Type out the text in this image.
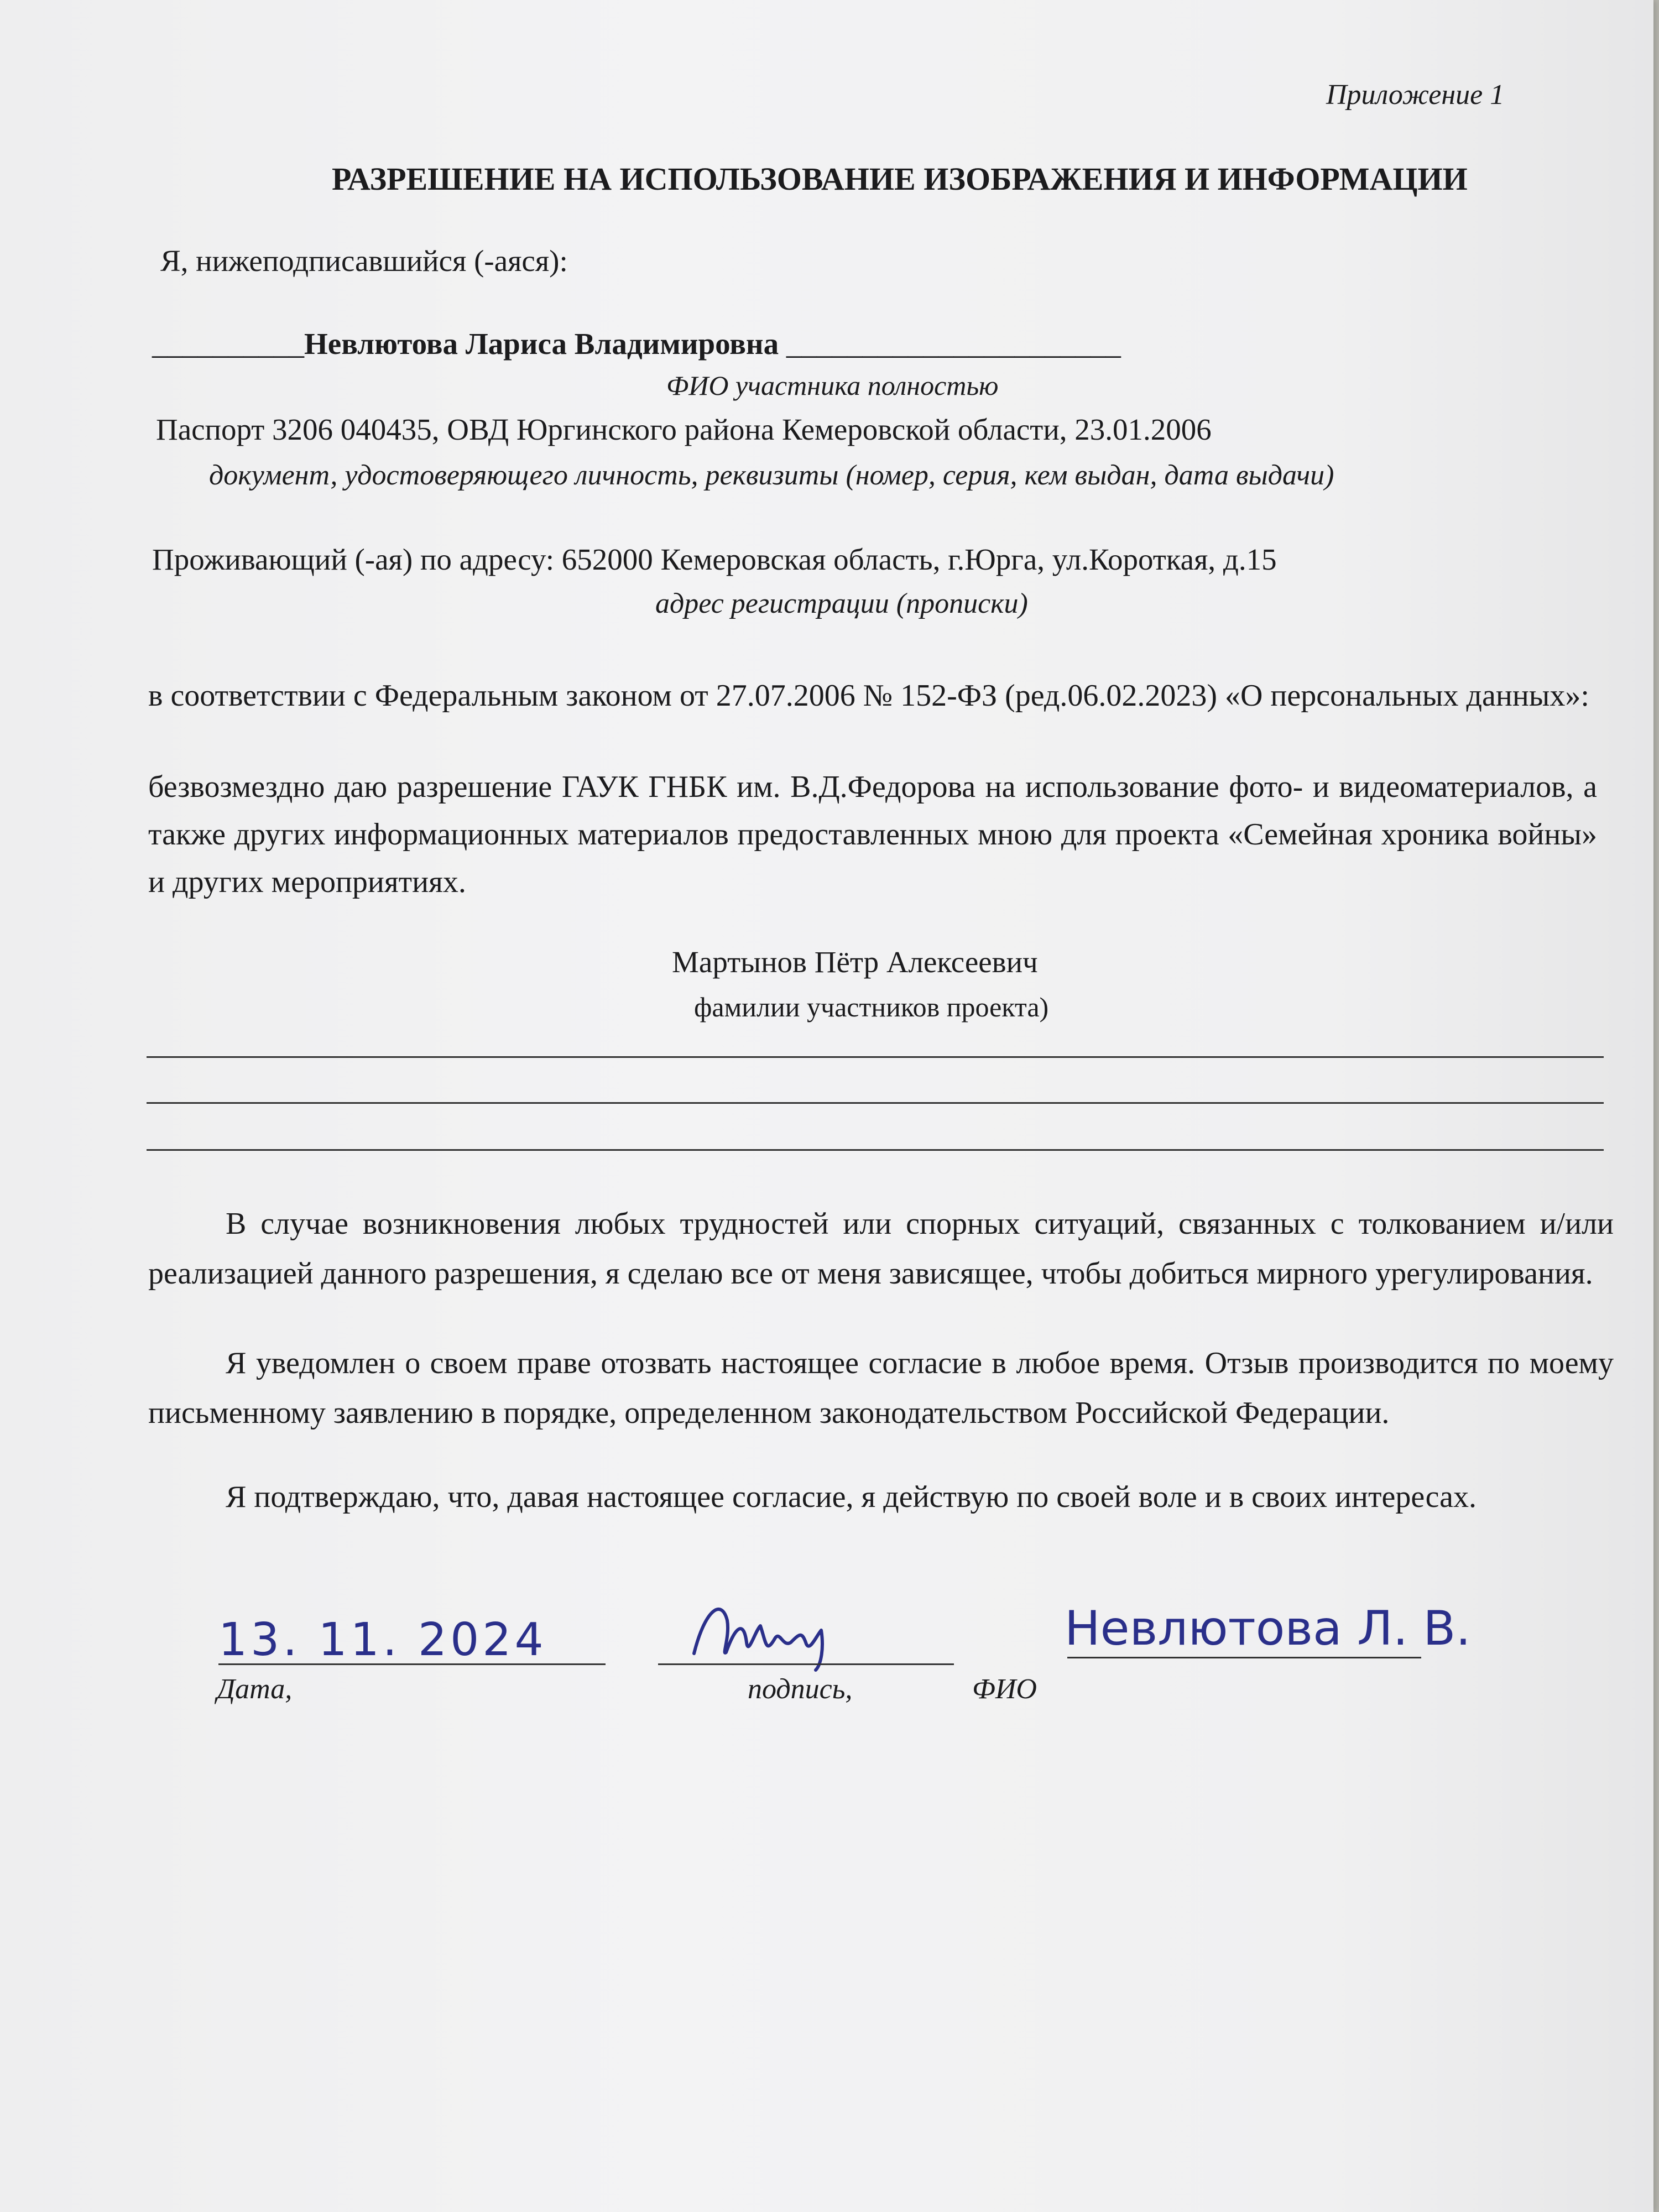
Приложение 1
РАЗРЕШЕНИЕ НА ИСПОЛЬЗОВАНИЕ ИЗОБРАЖЕНИЯ И ИНФОРМАЦИИ
Я, нижеподписавшийся (-аяся):
__________Невлютова Лариса Владимировна ______________________
ФИО участника полностью
Паспорт 3206 040435, ОВД Юргинского района Кемеровской области, 23.01.2006
документ, удостоверяющего личность, реквизиты (номер, серия, кем выдан, дата выдачи)
Проживающий (-ая) по адресу: 652000 Кемеровская область, г.Юрга, ул.Короткая, д.15
адрес регистрации (прописки)
в соответствии с Федеральным законом от 27.07.2006 № 152-ФЗ (ред.06.02.2023) «О персональных данных»:
безвозмездно даю разрешение ГАУК ГНБК им. В.Д.Федорова на использование фото- и видеоматериалов, а также других информационных материалов предоставленных мною для проекта «Семейная хроника войны» и других мероприятиях.
Мартынов Пётр Алексеевич
фамилии участников проекта)
В случае возникновения любых трудностей или спорных ситуаций, связанных с толкованием и/или реализацией данного разрешения, я сделаю все от меня зависящее, чтобы добиться мирного урегулирования.
Я уведомлен о своем праве отозвать настоящее согласие в любое время. Отзыв производится по моему письменному заявлению в порядке, определенном законодательством Российской Федерации.
Я подтверждаю, что, давая настоящее согласие, я действую по своей воле и в своих интересах.
13. 11. 2024	Невлютова Л. В.
Дата,	подпись,	ФИО
